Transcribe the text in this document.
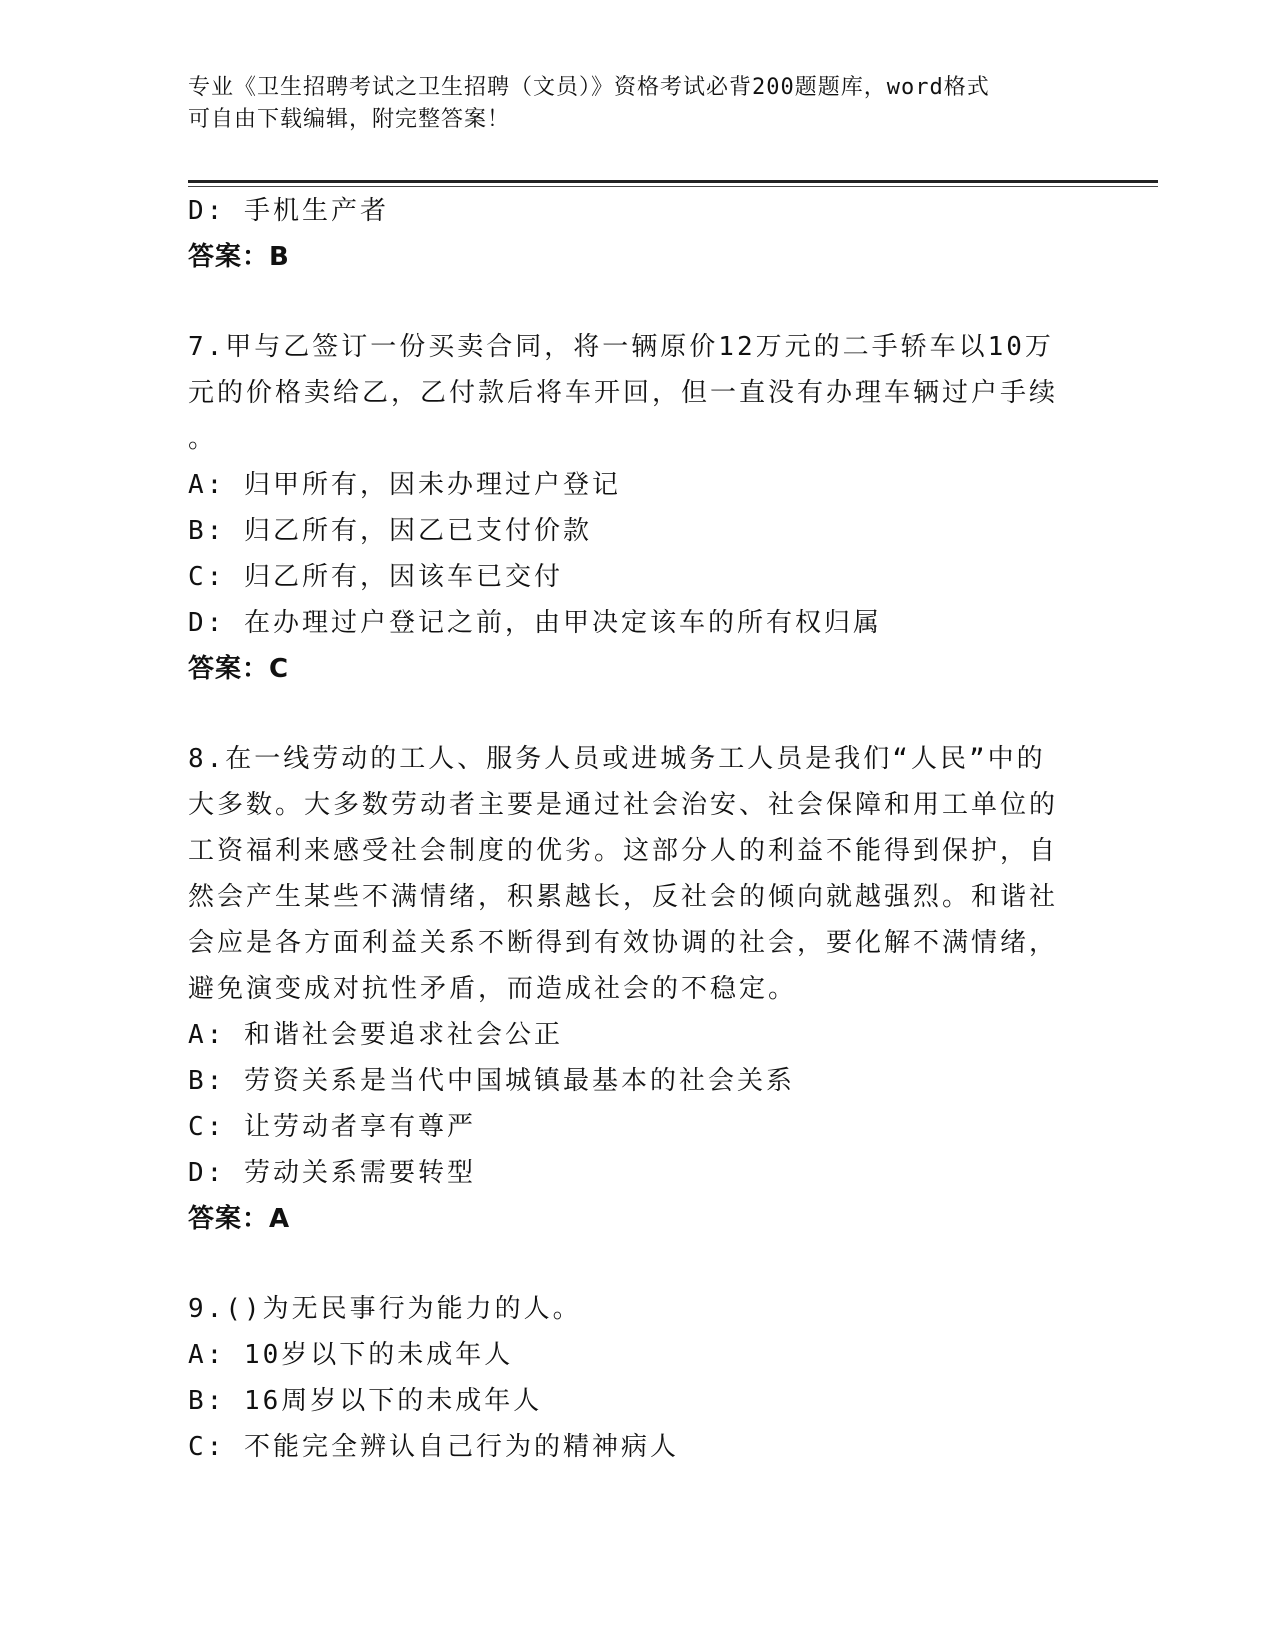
专业《卫生招聘考试之卫生招聘（文员）》资格考试必背200题题库，word格式
可自由下载编辑，附完整答案！
D: 手机生产者
答案：B
7.甲与乙签订一份买卖合同，将一辆原价12万元的二手轿车以10万
元的价格卖给乙，乙付款后将车开回，但一直没有办理车辆过户手续
。
A: 归甲所有，因未办理过户登记
B: 归乙所有，因乙已支付价款
C: 归乙所有，因该车已交付
D: 在办理过户登记之前，由甲决定该车的所有权归属
答案：C
8.在一线劳动的工人、服务人员或进城务工人员是我们“人民”中的
大多数。大多数劳动者主要是通过社会治安、社会保障和用工单位的
工资福利来感受社会制度的优劣。这部分人的利益不能得到保护，自
然会产生某些不满情绪，积累越长，反社会的倾向就越强烈。和谐社
会应是各方面利益关系不断得到有效协调的社会，要化解不满情绪，
避免演变成对抗性矛盾，而造成社会的不稳定。
A: 和谐社会要追求社会公正
B: 劳资关系是当代中国城镇最基本的社会关系
C: 让劳动者享有尊严
D: 劳动关系需要转型
答案：A
9.()为无民事行为能力的人。
A: 10岁以下的未成年人
B: 16周岁以下的未成年人
C: 不能完全辨认自己行为的精神病人
